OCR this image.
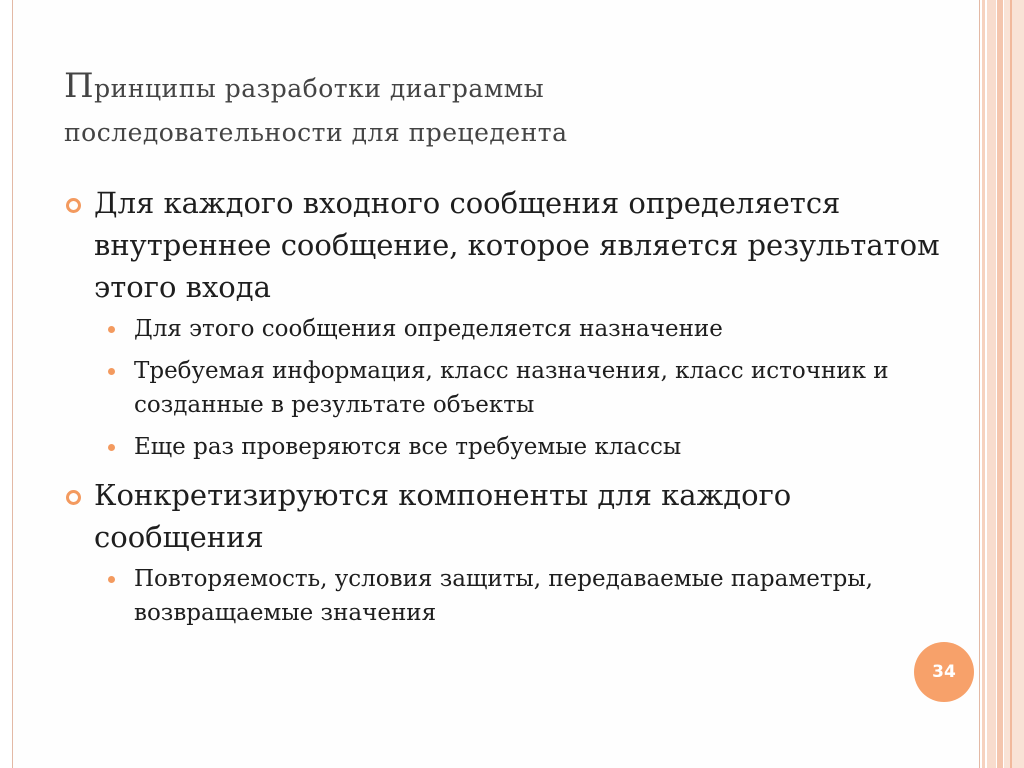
Принципы разработки диаграммы
последовательности для прецедента
Для каждого входного сообщения определяется внутреннее сообщение, которое является результатом этого входа
Для этого сообщения определяется назначение
Требуемая информация, класс назначения, класс источник и созданные в результате объекты
Еще раз проверяются все требуемые классы
Конкретизируются компоненты для каждого сообщения
Повторяемость, условия защиты, передаваемые параметры, возвращаемые значения
34
